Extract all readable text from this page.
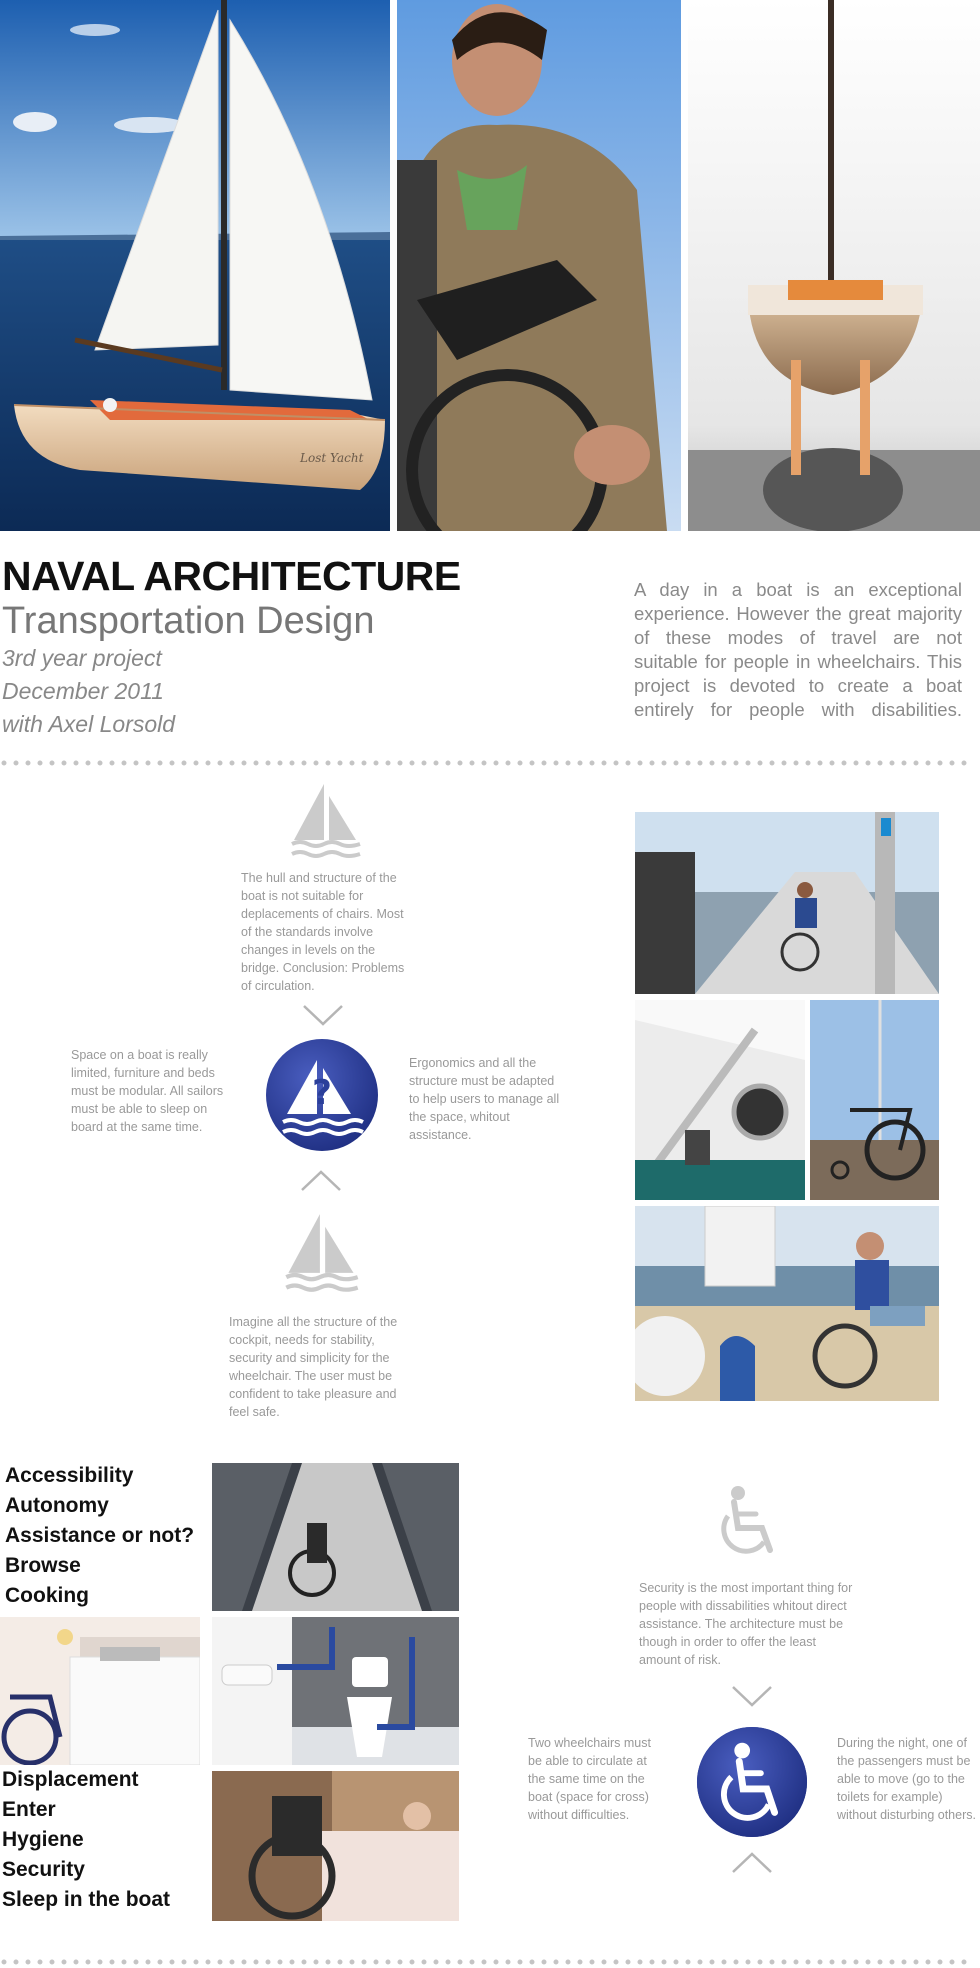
Lost Yacht
NAVAL ARCHITECTURE
Transportation Design

3rd year project

December 2011

with Axel Lorsold

A day in a boat is an exceptional experience. However the great majority of these modes of travel are not suitable for people in wheelchairs. This project is devoted to create a boat entirely for people with disabilities.

The hull and structure of the boat is not suitable for deplacements of chairs. Most of the standards involve changes in levels on the bridge. Conclusion: Problems of circulation.

Space on a boat is really limited, furniture and beds must be modular. All sailors must be able to sleep on board at the same time.

?

Ergonomics and all the structure must be adapted to help users to manage all the space, whitout assistance.

Imagine all the structure of the cockpit, needs for stability, security and simplicity for the wheelchair. The user must be confident to take pleasure and feel safe.

Accessibility
Autonomy
Assistance or not?
Browse
Cooking
Displacement
Enter
Hygiene
Security
Sleep in the boat

Security is the most important thing for people with dissabilities whitout direct assistance. The architecture must be though in order to offer the least amount of risk.

Two wheelchairs must be able to circulate at the same time on the boat (space for cross) without difficulties.

During the night, one of the passengers must be able to move (go to the toilets for example) without disturbing others.
